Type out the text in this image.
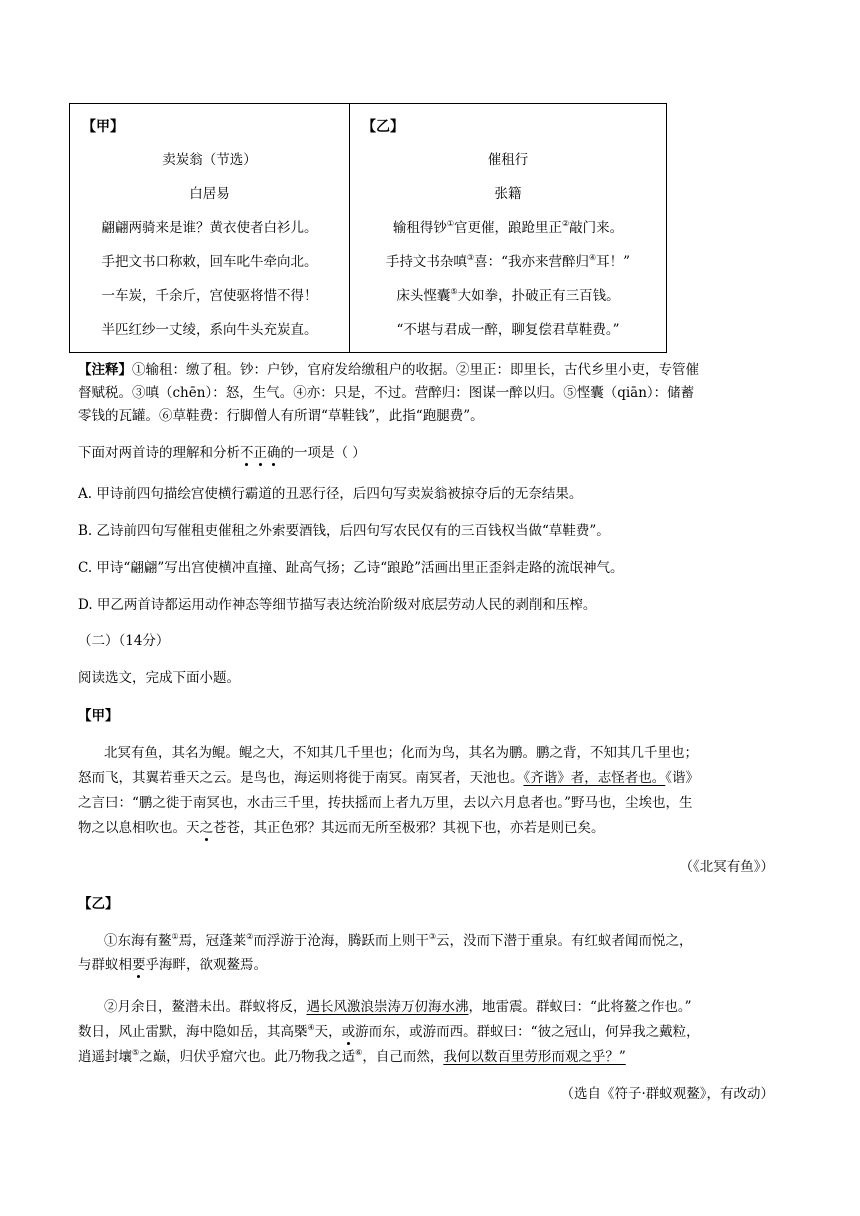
【甲】
卖炭翁（节选）
白居易
翩翩两骑来是谁？黄衣使者白衫儿。
手把文书口称敕，回车叱牛牵向北。
一车炭，千余斤，宫使驱将惜不得！
半匹红纱一丈绫，系向牛头充炭直。
【乙】
催租行
张籍
输租得钞①官更催，踉跄里正②敲门来。
手持文书杂嗔③喜：“我亦来营醉归④耳！”
床头悭囊⑤大如拳，扑破正有三百钱。
“不堪与君成一醉，聊复偿君草鞋费。”
【注释】①输租：缴了租。钞：户钞，官府发给缴租户的收据。②里正：即里长，古代乡里小吏，专管催
督赋税。③嗔（chēn）：怒，生气。④亦：只是，不过。营醉归：图谋一醉以归。⑤悭囊（qiān）：储蓄
零钱的瓦罐。⑥草鞋费：行脚僧人有所谓“草鞋钱”，此指“跑腿费”。
下面对两首诗的理解和分析不正确的一项是（ ）
A. 甲诗前四句描绘宫使横行霸道的丑恶行径，后四句写卖炭翁被掠夺后的无奈结果。
B. 乙诗前四句写催租吏催租之外索要酒钱，后四句写农民仅有的三百钱权当做“草鞋费”。
C. 甲诗“翩翩”写出宫使横冲直撞、趾高气扬；乙诗“踉跄”活画出里正歪斜走路的流氓神气。
D. 甲乙两首诗都运用动作神态等细节描写表达统治阶级对底层劳动人民的剥削和压榨。
（二）（14分）
阅读选文，完成下面小题。
【甲】
北冥有鱼，其名为鲲。鲲之大，不知其几千里也；化而为鸟，其名为鹏。鹏之背，不知其几千里也；
怒而飞，其翼若垂天之云。是鸟也，海运则将徙于南冥。南冥者，天池也。《齐谐》者，志怪者也。《谐》
之言曰：“鹏之徙于南冥也，水击三千里，抟扶摇而上者九万里，去以六月息者也。”野马也，尘埃也，生
物之以息相吹也。天之苍苍，其正色邪？其远而无所至极邪？其视下也，亦若是则已矣。
（《北冥有鱼》）
【乙】
①东海有鳌①焉，冠蓬莱②而浮游于沧海，腾跃而上则干③云，没而下潜于重泉。有红蚁者闻而悦之，
与群蚁相要乎海畔，欲观鳌焉。
②月余日，鳌潜未出。群蚁将反，遇长风激浪崇涛万仞海水沸，地雷震。群蚁曰：“此将鳌之作也。”
数日，风止雷默，海中隐如岳，其高槩④天，或游而东，或游而西。群蚁曰：“彼之冠山，何异我之戴粒，
逍遥封壤⑤之巅，归伏乎窟穴也。此乃物我之适⑥，自己而然，我何以数百里劳形而观之乎？”
（选自《符子·群蚁观鳌》，有改动）
